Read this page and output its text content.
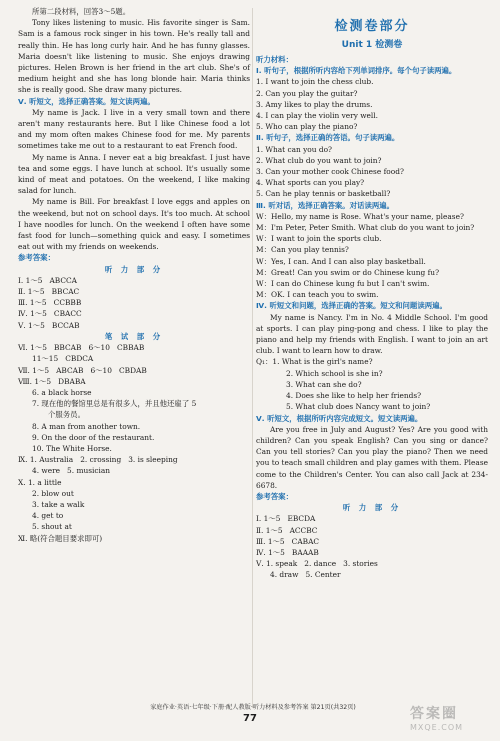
所第二段材料，回答3～5题。

Tony likes listening to music. His favorite singer is Sam. Sam is a famous rock singer in his town. He's really tall and really thin. He has long curly hair. And he has funny glasses. Maria doesn't like listening to music. She enjoys drawing pictures. Helen Brown is her friend in the art club. She's of medium height and she has long blonde hair. Maria thinks she is really good. She draw many pictures.

Ⅴ. 听短文，选择正确答案。短文读两遍。

My name is Jack. I live in a very small town and there aren't many restaurants here. But I like Chinese food a lot and my mom often makes Chinese food for me. My parents sometimes take me out to a restaurant to eat French food.

My name is Anna. I never eat a big breakfast. I just have tea and some eggs. I have lunch at school. It's usually some kind of meat and potatoes. On the weekend, I like making salad for lunch.

My name is Bill. For breakfast I love eggs and apples on the weekend, but not on school days. It's too much. At school I have noodles for lunch. On the weekend I often have some fast food for lunch—something quick and easy. I sometimes eat out with my friends on weekends.

参考答案：

听 力 部 分

Ⅰ. 1～5   ABCCA

Ⅱ. 1～5   BBCAC

Ⅲ. 1～5   CCBBB

Ⅳ. 1～5   CBACC

Ⅴ. 1～5   BCCAB

笔 试 部 分

Ⅵ. 1～5   BBCAB   6～10   CBBAB

11～15   CBDCA

Ⅶ. 1～5   ABCAB   6～10   CBDAB

Ⅷ. 1～5   DBABA

6. a black horse

7. 现在他的餐馆里总是有很多人，并且他还雇了 5

个服务员。

8. A man from another town.

9. On the door of the restaurant.

10. The White Horse.

Ⅸ. 1. Australia   2. crossing   3. is sleeping

4. were   5. musician

Ⅹ. 1. a little

2. blow out

3. take a walk

4. get to

5. shout at

Ⅺ. 略(符合题目要求即可)

检测卷部分

Unit 1 检测卷

听力材料：

Ⅰ. 听句子，根据所听内容给下列单词排序。每个句子读两遍。

1. I want to join the chess club.

2. Can you play the guitar?

3. Amy likes to play the drums.

4. I can play the violin very well.

5. Who can play the piano?

Ⅱ. 听句子，选择正确的答语。句子读两遍。

1. What can you do?

2. What club do you want to join?

3. Can your mother cook Chinese food?

4. What sports can you play?

5. Can he play tennis or basketball?

Ⅲ. 听对话，选择正确答案。对话读两遍。

W：Hello, my name is Rose. What's your name, please?

M：I'm Peter, Peter Smith. What club do you want to join?

W：I want to join the sports club.

M：Can you play tennis?

W：Yes, I can. And I can also play basketball.

M：Great! Can you swim or do Chinese kung fu?

W：I can do Chinese kung fu but I can't swim.

M：OK. I can teach you to swim.

Ⅳ. 听短文和问题，选择正确的答案。短文和问题读两遍。

My name is Nancy. I'm in No. 4 Middle School. I'm good at sports. I can play ping-pong and chess. I like to play the piano and help my friends with English. I want to join an art club. I want to learn how to draw.

Q₁：1. What is the girl's name?

2. Which school is she in?

3. What can she do?

4. Does she like to help her friends?

5. What club does Nancy want to join?

Ⅴ. 听短文，根据所听内容完成短文。短文读两遍。

Are you free in July and August? Yes? Are you good with children? Can you speak English? Can you sing or dance? Can you tell stories? Can you play the piano? Then we need you to teach small children and play games with them. Please come to the Children's Center. You can also call Jack at 234-6678.

参考答案：

听 力 部 分

Ⅰ. 1～5   EBCDA

Ⅱ. 1～5   ACCBC

Ⅲ. 1～5   CABAC

Ⅳ. 1～5   BAAAB

Ⅴ. 1. speak   2. dance   3. stories

4. draw   5. Center

家庭作业·英语·七年级·下册·配人教版·听力材料及参考答案 第21页(共32页)
77	答案圈
MXQE.COM
